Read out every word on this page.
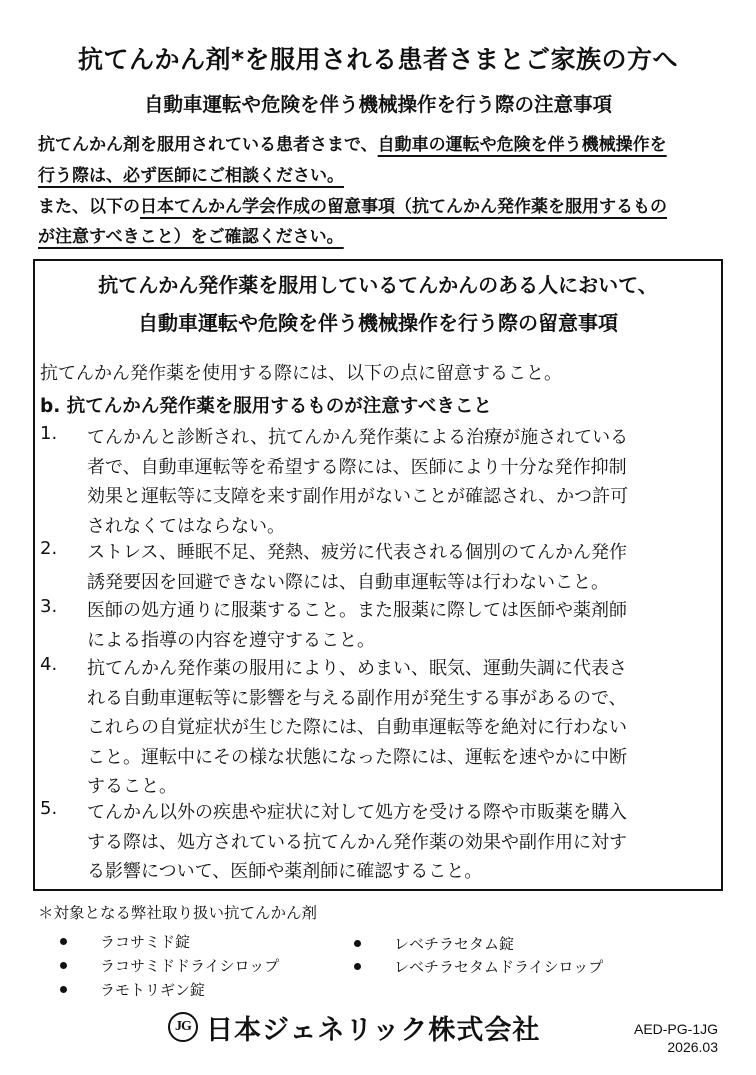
抗てんかん剤*を服用される患者さまとご家族の方へ
自動車運転や危険を伴う機械操作を行う際の注意事項
抗てんかん剤を服用されている患者さまで、自動車の運転や危険を伴う機械操作を
行う際は、必ず医師にご相談ください。
また、以下の日本てんかん学会作成の留意事項（抗てんかん発作薬を服用するもの
が注意すべきこと）をご確認ください。
抗てんかん発作薬を服用しているてんかんのある人において、
自動車運転や危険を伴う機械操作を行う際の留意事項
抗てんかん発作薬を使用する際には、以下の点に留意すること。
b. 抗てんかん発作薬を服用するものが注意すべきこと
1. てんかんと診断され、抗てんかん発作薬による治療が施されている
者で、自動車運転等を希望する際には、医師により十分な発作抑制
効果と運転等に支障を来す副作用がないことが確認され、かつ許可
されなくてはならない。
2. ストレス、睡眠不足、発熱、疲労に代表される個別のてんかん発作
誘発要因を回避できない際には、自動車運転等は行わないこと。
3. 医師の処方通りに服薬すること。また服薬に際しては医師や薬剤師
による指導の内容を遵守すること。
4. 抗てんかん発作薬の服用により、めまい、眠気、運動失調に代表さ
れる自動車運転等に影響を与える副作用が発生する事があるので、
これらの自覚症状が生じた際には、自動車運転等を絶対に行わない
こと。運転中にその様な状態になった際には、運転を速やかに中断
すること。
5. てんかん以外の疾患や症状に対して処方を受ける際や市販薬を購入
する際は、処方されている抗てんかん発作薬の効果や副作用に対す
る影響について、医師や薬剤師に確認すること。
＊対象となる弊社取り扱い抗てんかん剤
ラコサミド錠
ラコサミドドライシロップ
ラモトリギン錠
レベチラセタム錠
レベチラセタムドライシロップ
JG 日本ジェネリック株式会社	AED-PG-1JG
2026.03
